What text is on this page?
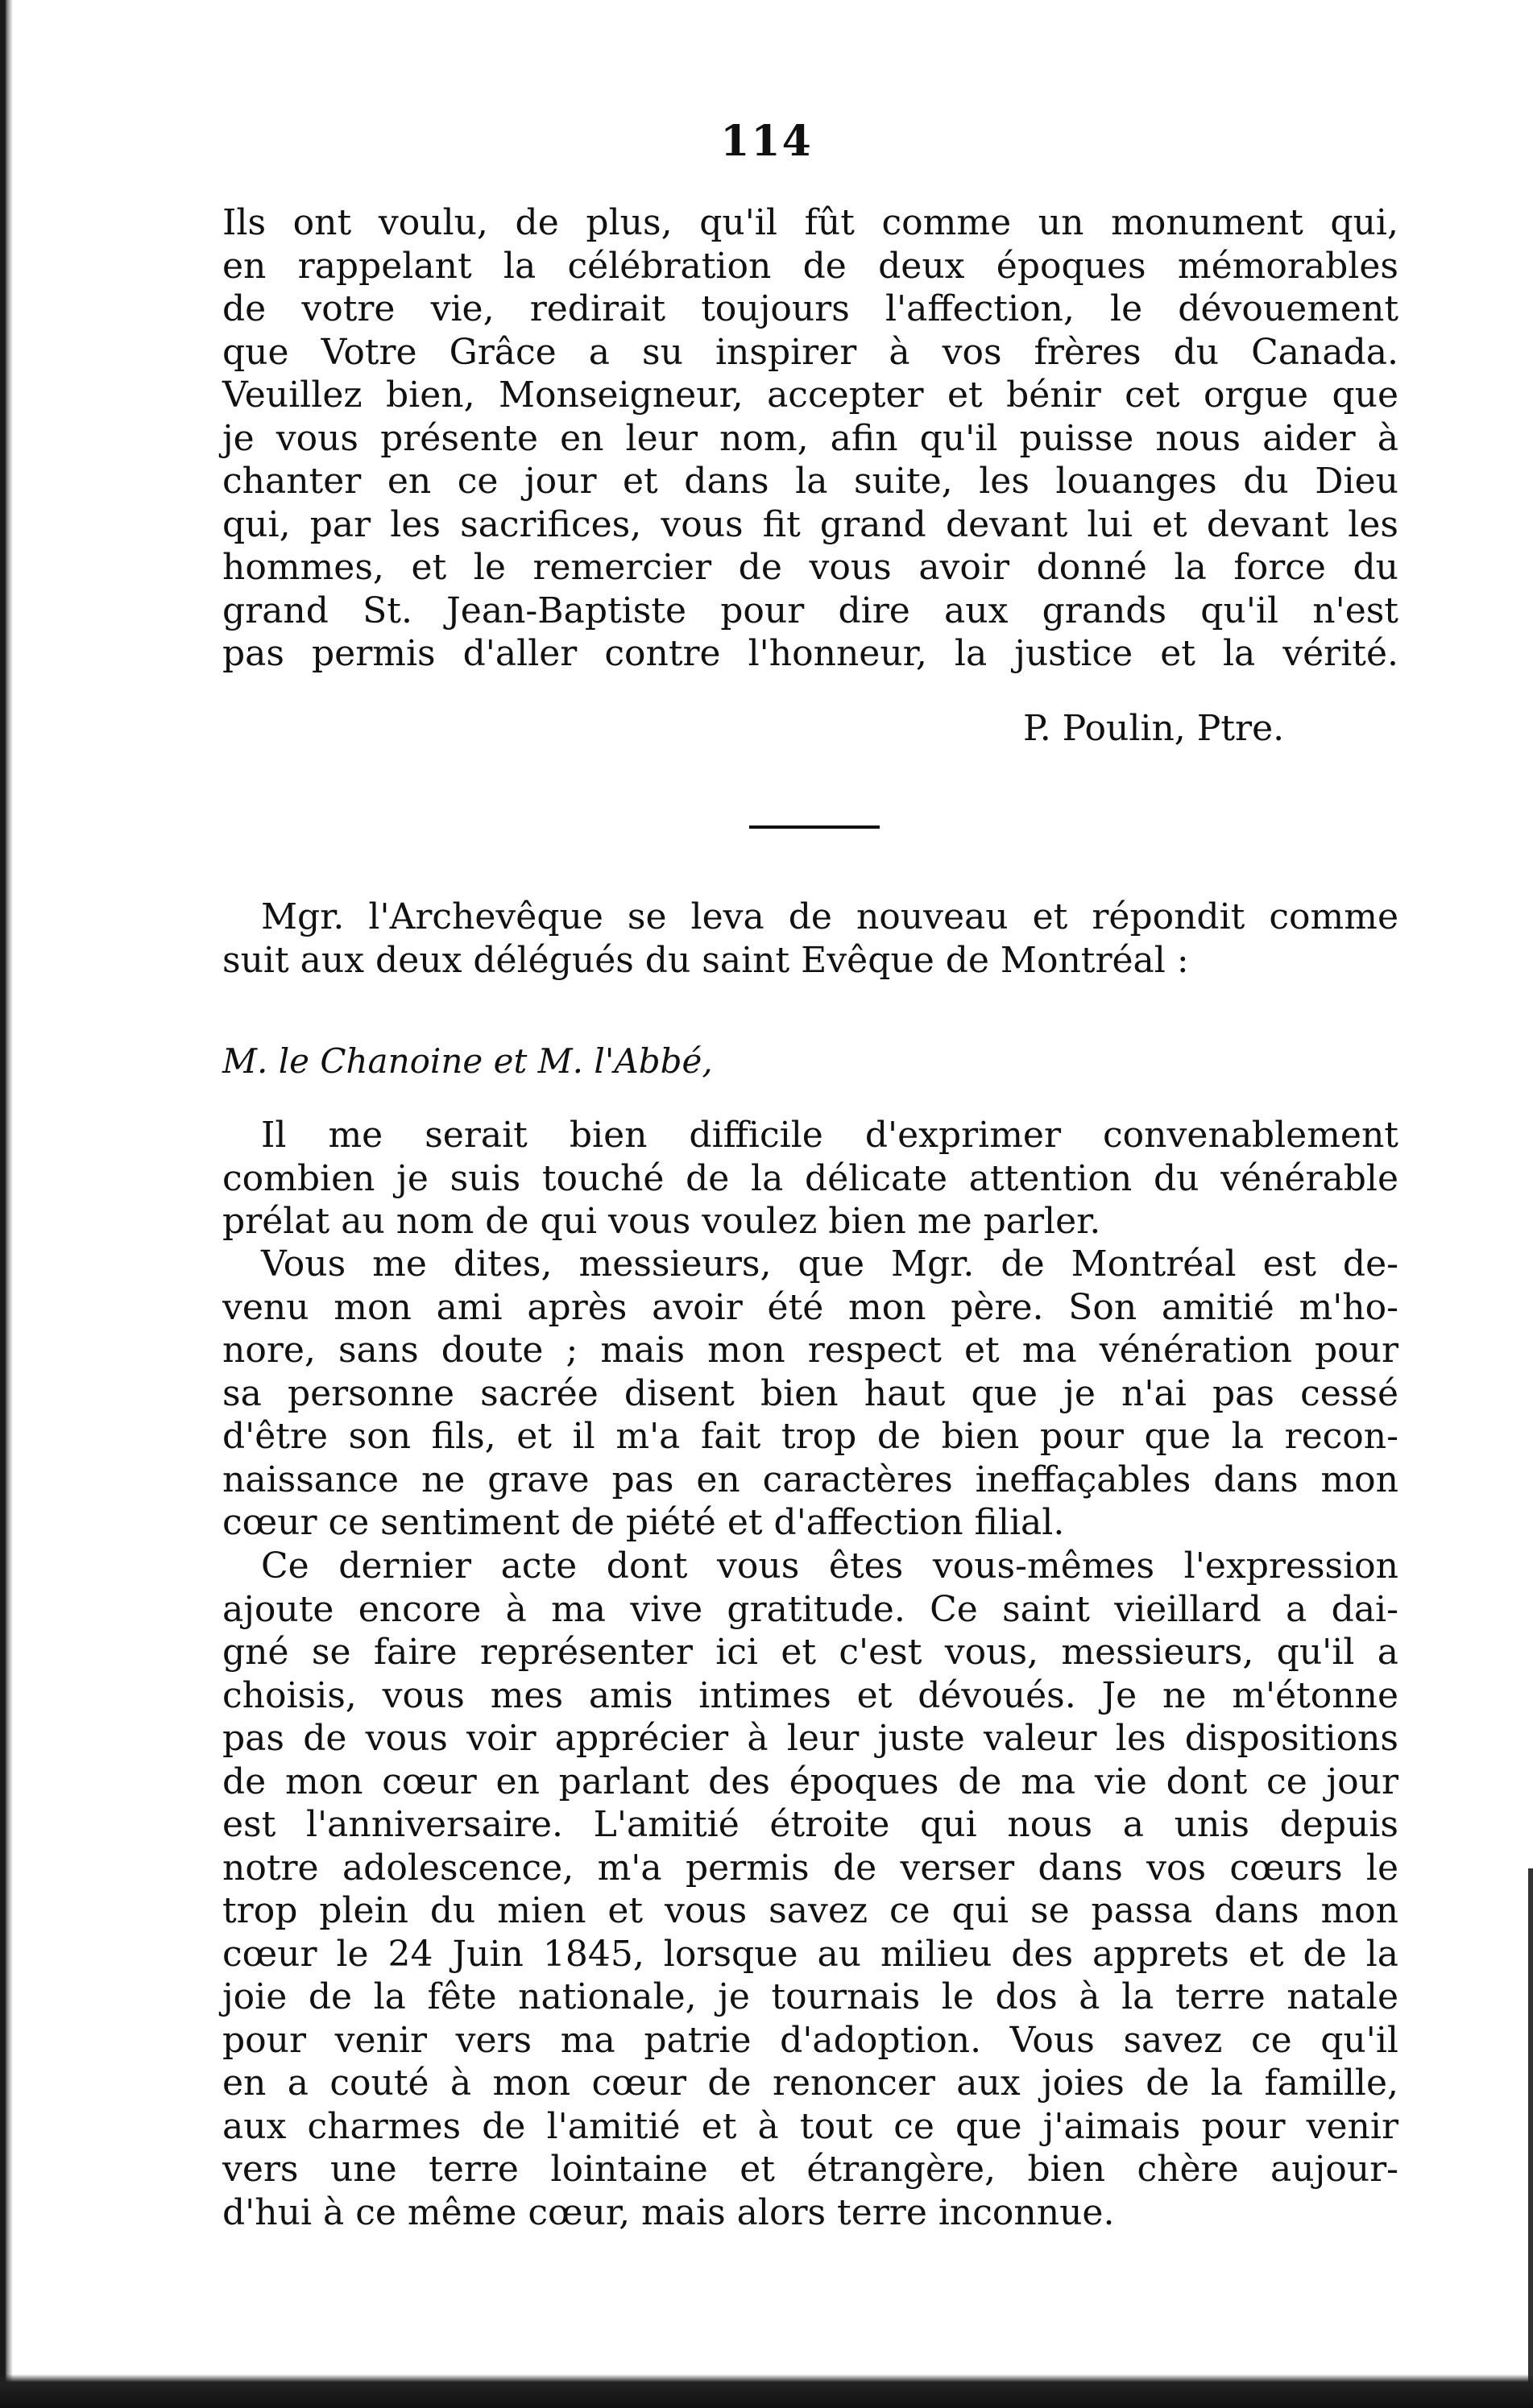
114
Ils ont voulu, de plus, qu'il fût comme un monument qui,
en rappelant la célébration de deux époques mémorables
de votre vie, redirait toujours l'affection, le dévouement
que Votre Grâce a su inspirer à vos frères du Canada.
Veuillez bien, Monseigneur, accepter et bénir cet orgue que
je vous présente en leur nom, afin qu'il puisse nous aider à
chanter en ce jour et dans la suite, les louanges du Dieu
qui, par les sacrifices, vous fit grand devant lui et devant les
hommes, et le remercier de vous avoir donné la force du
grand St. Jean-Baptiste pour dire aux grands qu'il n'est
pas permis d'aller contre l'honneur, la justice et la vérité.
P. Poulin, Ptre.
Mgr. l'Archevêque se leva de nouveau et répondit comme
suit aux deux délégués du saint Evêque de Montréal :
M. le Chanoine et M. l'Abbé,
Il me serait bien difficile d'exprimer convenablement
combien je suis touché de la délicate attention du vénérable
prélat au nom de qui vous voulez bien me parler.
Vous me dites, messieurs, que Mgr. de Montréal est de-
venu mon ami après avoir été mon père. Son amitié m'ho-
nore, sans doute ; mais mon respect et ma vénération pour
sa personne sacrée disent bien haut que je n'ai pas cessé
d'être son fils, et il m'a fait trop de bien pour que la recon-
naissance ne grave pas en caractères ineffaçables dans mon
cœur ce sentiment de piété et d'affection filial.
Ce dernier acte dont vous êtes vous-mêmes l'expression
ajoute encore à ma vive gratitude. Ce saint vieillard a dai-
gné se faire représenter ici et c'est vous, messieurs, qu'il a
choisis, vous mes amis intimes et dévoués. Je ne m'étonne
pas de vous voir apprécier à leur juste valeur les dispositions
de mon cœur en parlant des époques de ma vie dont ce jour
est l'anniversaire. L'amitié étroite qui nous a unis depuis
notre adolescence, m'a permis de verser dans vos cœurs le
trop plein du mien et vous savez ce qui se passa dans mon
cœur le 24 Juin 1845, lorsque au milieu des apprets et de la
joie de la fête nationale, je tournais le dos à la terre natale
pour venir vers ma patrie d'adoption. Vous savez ce qu'il
en a couté à mon cœur de renoncer aux joies de la famille,
aux charmes de l'amitié et à tout ce que j'aimais pour venir
vers une terre lointaine et étrangère, bien chère aujour-
d'hui à ce même cœur, mais alors terre inconnue.
